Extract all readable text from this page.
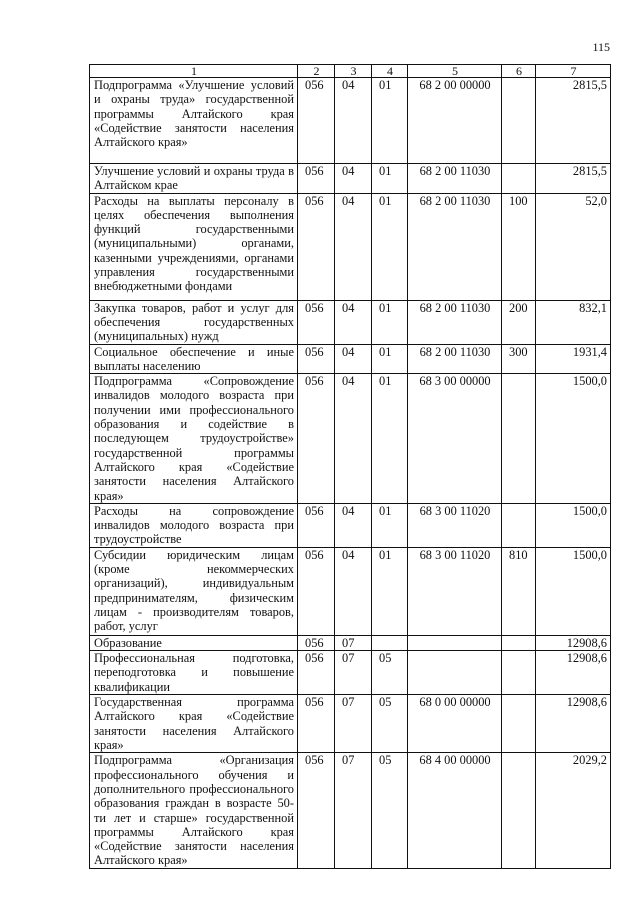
115
1	2	3	4	5	6	7
Подпрограмма «Улучшение условий и охраны труда» государственной программы Алтайского края «Содействие занятости населения Алтайского края»	056	04	01	68 2 00 00000		2815,5
Улучшение условий и охраны труда в Алтайском крае	056	04	01	68 2 00 11030		2815,5
Расходы на выплаты персоналу в целях обеспечения выполнения функций государственными (муниципальными) органами, казенными учреждениями, органами управления государственными внебюджетными фондами	056	04	01	68 2 00 11030	100	52,0
Закупка товаров, работ и услуг для обеспечения государственных (муниципальных) нужд	056	04	01	68 2 00 11030	200	832,1
Социальное обеспечение и иные выплаты населению	056	04	01	68 2 00 11030	300	1931,4
Подпрограмма «Сопровождение инвалидов молодого возраста при получении ими профессионального образования и содействие в последующем трудоустройстве» государственной программы Алтайского края «Содействие занятости населения Алтайского края»	056	04	01	68 3 00 00000		1500,0
Расходы на сопровождение инвалидов молодого возраста при трудоустройстве	056	04	01	68 3 00 11020		1500,0
Субсидии юридическим лицам (кроме некоммерческих организаций), индивидуальным предпринимателям, физическим лицам - производителям товаров, работ, услуг	056	04	01	68 3 00 11020	810	1500,0
Образование	056	07				12908,6
Профессиональная подготовка, переподготовка и повышение квалификации	056	07	05			12908,6
Государственная программа Алтайского края «Содействие занятости населения Алтайского края»	056	07	05	68 0 00 00000		12908,6
Подпрограмма «Организация профессионального обучения и дополнительного профессионального образования граждан в возрасте 50-ти лет и старше» государственной программы Алтайского края «Содействие занятости населения Алтайского края»	056	07	05	68 4 00 00000		2029,2
